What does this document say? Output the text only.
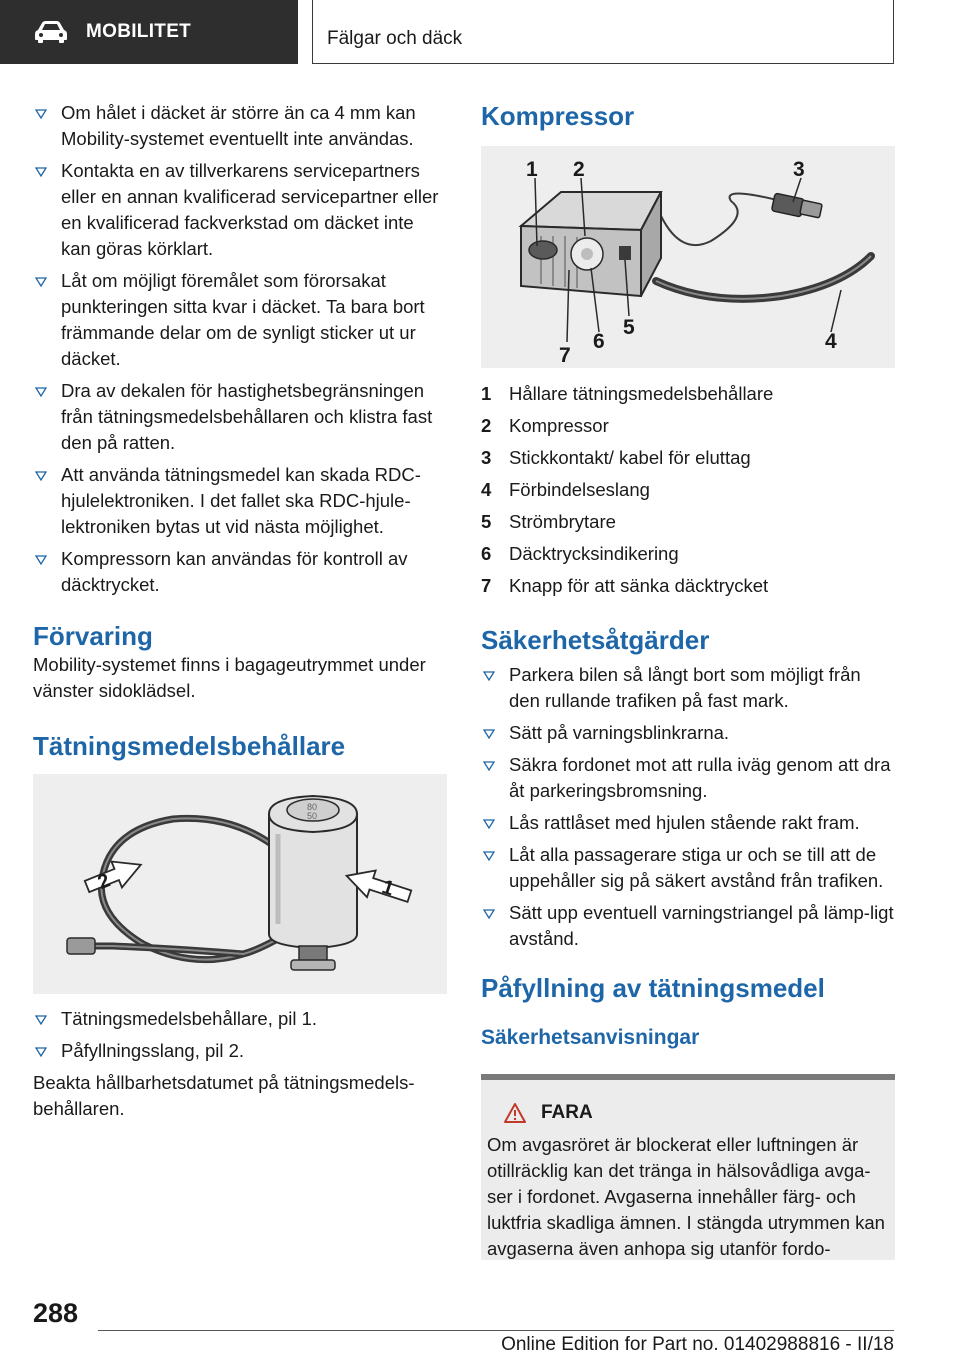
MOBILITET	Fälgar och däck
Om hålet i däcket är större än ca 4 mm kan Mobility-systemet eventuellt inte användas.
Kontakta en av tillverkarens servicepartners eller en annan kvalificerad servicepartner eller en kvalificerad fackverkstad om däcket inte kan göras körklart.
Låt om möjligt föremålet som förorsakat punkteringen sitta kvar i däcket. Ta bara bort främmande delar om de synligt sticker ut ur däcket.
Dra av dekalen för hastighetsbegränsningen från tätningsmedelsbehållaren och klistra fast den på ratten.
Att använda tätningsmedel kan skada RDC-hjulelektroniken. I det fallet ska RDC-hjule-lektroniken bytas ut vid nästa möjlighet.
Kompressorn kan användas för kontroll av däcktrycket.
Förvaring

Mobility-systemet finns i bagageutrymmet under vänster sidoklädsel.

Tätningsmedelsbehållare
80
50
1
2
Tätningsmedelsbehållare, pil 1.
Påfyllningsslang, pil 2.

Beakta hållbarhetsdatumet på tätningsmedels-behållaren.

Kompressor
1 2	3
4
5
6
7
1 Hållare tätningsmedelsbehållare
2 Kompressor
3 Stickkontakt/ kabel för eluttag
4 Förbindelseslang
5 Strömbrytare
6 Däcktrycksindikering
7 Knapp för att sänka däcktrycket
Säkerhetsåtgärder
Parkera bilen så långt bort som möjligt från den rullande trafiken på fast mark.
Sätt på varningsblinkrarna.
Säkra fordonet mot att rulla iväg genom att dra åt parkeringsbromsning.
Lås rattlåset med hjulen stående rakt fram.
Låt alla passagerare stiga ur och se till att de uppehåller sig på säkert avstånd från trafiken.
Sätt upp eventuell varningstriangel på lämp-ligt avstånd.
Påfyllning av tätningsmedel
Säkerhetsanvisningar
FARA

Om avgasröret är blockerat eller luftningen är otillräcklig kan det tränga in hälsovådliga avga-ser i fordonet. Avgaserna innehåller färg- och luktfria skadliga ämnen. I stängda utrymmen kan avgaserna även anhopa sig utanför fordo-

288
Online Edition for Part no. 01402988816 - II/18
